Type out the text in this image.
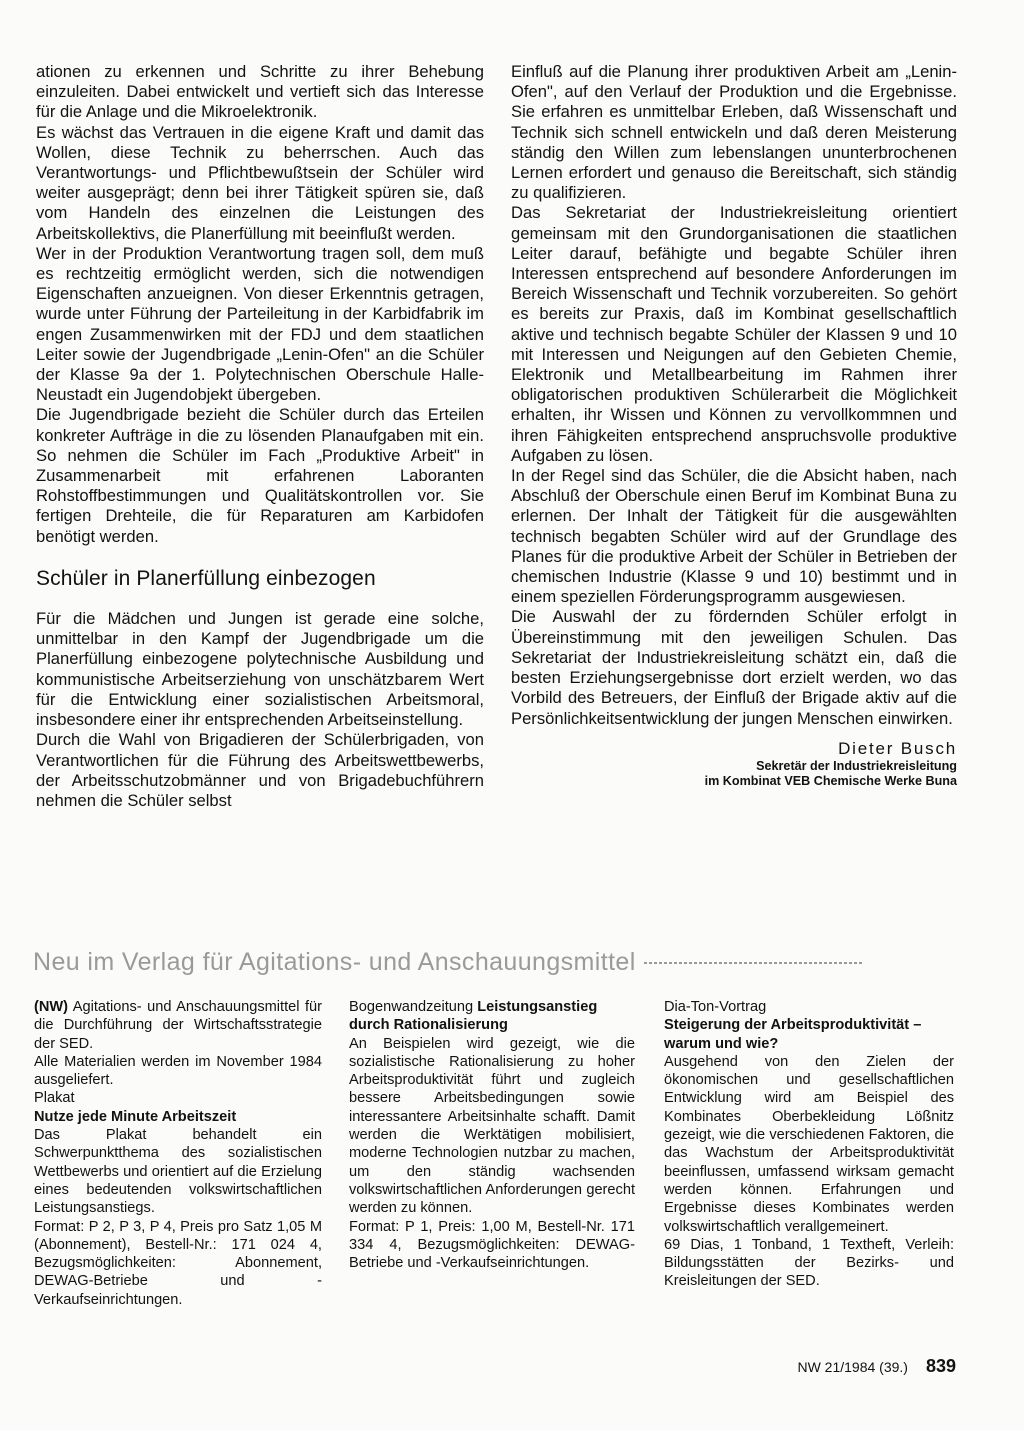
ationen zu erkennen und Schritte zu ihrer Behebung einzuleiten. Dabei entwickelt und vertieft sich das Interesse für die Anlage und die Mikroelektronik.

Es wächst das Vertrauen in die eigene Kraft und damit das Wollen, diese Technik zu beherrschen. Auch das Verantwortungs- und Pflichtbewußtsein der Schüler wird weiter ausgeprägt; denn bei ihrer Tätigkeit spüren sie, daß vom Handeln des einzelnen die Leistungen des Arbeitskollektivs, die Planerfüllung mit beeinflußt werden.

Wer in der Produktion Verantwortung tragen soll, dem muß es rechtzeitig ermöglicht werden, sich die notwendigen Eigenschaften anzueignen. Von dieser Erkenntnis getragen, wurde unter Führung der Parteileitung in der Karbidfabrik im engen Zusammenwirken mit der FDJ und dem staatlichen Leiter sowie der Jugendbrigade „Lenin-Ofen" an die Schüler der Klasse 9a der 1. Polytechnischen Oberschule Halle-Neustadt ein Jugendobjekt übergeben.

Die Jugendbrigade bezieht die Schüler durch das Erteilen konkreter Aufträge in die zu lösenden Planaufgaben mit ein. So nehmen die Schüler im Fach „Produktive Arbeit" in Zusammenarbeit mit erfahrenen Laboranten Rohstoffbestimmungen und Qualitätskontrollen vor. Sie fertigen Drehteile, die für Reparaturen am Karbidofen benötigt werden.

Schüler in Planerfüllung einbezogen

Für die Mädchen und Jungen ist gerade eine solche, unmittelbar in den Kampf der Jugendbrigade um die Planerfüllung einbezogene polytechnische Ausbildung und kommunistische Arbeitserziehung von unschätzbarem Wert für die Entwicklung einer sozialistischen Arbeitsmoral, insbesondere einer ihr entsprechenden Arbeitseinstellung.

Durch die Wahl von Brigadieren der Schülerbrigaden, von Verantwortlichen für die Führung des Arbeitswettbewerbs, der Arbeitsschutzobmänner und von Brigadebuchführern nehmen die Schüler selbst

Einfluß auf die Planung ihrer produktiven Arbeit am „Lenin-Ofen", auf den Verlauf der Produktion und die Ergebnisse. Sie erfahren es unmittelbar Erleben, daß Wissenschaft und Technik sich schnell entwickeln und daß deren Meisterung ständig den Willen zum lebenslangen ununterbrochenen Lernen erfordert und genauso die Bereitschaft, sich ständig zu qualifizieren.

Das Sekretariat der Industriekreisleitung orientiert gemeinsam mit den Grundorganisationen die staatlichen Leiter darauf, befähigte und begabte Schüler ihren Interessen entsprechend auf besondere Anforderungen im Bereich Wissenschaft und Technik vorzubereiten. So gehört es bereits zur Praxis, daß im Kombinat gesellschaftlich aktive und technisch begabte Schüler der Klassen 9 und 10 mit Interessen und Neigungen auf den Gebieten Chemie, Elektronik und Metallbearbeitung im Rahmen ihrer obligatorischen produktiven Schülerarbeit die Möglichkeit erhalten, ihr Wissen und Können zu vervollkommnen und ihren Fähigkeiten entsprechend anspruchsvolle produktive Aufgaben zu lösen.

In der Regel sind das Schüler, die die Absicht haben, nach Abschluß der Oberschule einen Beruf im Kombinat Buna zu erlernen. Der Inhalt der Tätigkeit für die ausgewählten technisch begabten Schüler wird auf der Grundlage des Planes für die produktive Arbeit der Schüler in Betrieben der chemischen Industrie (Klasse 9 und 10) bestimmt und in einem speziellen Förderungsprogramm ausgewiesen.

Die Auswahl der zu fördernden Schüler erfolgt in Übereinstimmung mit den jeweiligen Schulen. Das Sekretariat der Industriekreisleitung schätzt ein, daß die besten Erziehungsergebnisse dort erzielt werden, wo das Vorbild des Betreuers, der Einfluß der Brigade aktiv auf die Persönlichkeitsentwicklung der jungen Menschen einwirken.

Dieter Busch
Sekretär der Industriekreisleitung
im Kombinat VEB Chemische Werke Buna
Neu im Verlag für Agitations- und Anschauungsmittel

(NW) Agitations- und Anschauungsmittel für die Durchführung der Wirtschaftsstrategie der SED.

Alle Materialien werden im November 1984 ausgeliefert.

Plakat

Nutze jede Minute Arbeitszeit

Das Plakat behandelt ein Schwerpunktthema des sozialistischen Wettbewerbs und orientiert auf die Erzielung eines bedeutenden volkswirtschaftlichen Leistungsanstiegs.

Format: P 2, P 3, P 4, Preis pro Satz 1,05 M (Abonnement), Bestell-Nr.: 171 024 4, Bezugsmöglichkeiten: Abonnement, DEWAG-Betriebe und -Verkaufseinrichtungen.

Bogenwandzeitung Leistungsanstieg durch Rationalisierung

An Beispielen wird gezeigt, wie die sozialistische Rationalisierung zu hoher Arbeitsproduktivität führt und zugleich bessere Arbeitsbedingungen sowie interessantere Arbeitsinhalte schafft. Damit werden die Werktätigen mobilisiert, moderne Technologien nutzbar zu machen, um den ständig wachsenden volkswirtschaftlichen Anforderungen gerecht werden zu können.

Format: P 1, Preis: 1,00 M, Bestell-Nr. 171 334 4, Bezugsmöglichkeiten: DEWAG-Betriebe und -Verkaufseinrichtungen.

Dia-Ton-Vortrag

Steigerung der Arbeitsproduktivität – warum und wie?

Ausgehend von den Zielen der ökonomischen und gesellschaftlichen Entwicklung wird am Beispiel des Kombinates Oberbekleidung Lößnitz gezeigt, wie die verschiedenen Faktoren, die das Wachstum der Arbeitsproduktivität beeinflussen, umfassend wirksam gemacht werden können. Erfahrungen und Ergebnisse dieses Kombinates werden volkswirtschaftlich verallgemeinert.

69 Dias, 1 Tonband, 1 Textheft, Verleih: Bildungsstätten der Bezirks- und Kreisleitungen der SED.

NW 21/1984 (39.) 839
